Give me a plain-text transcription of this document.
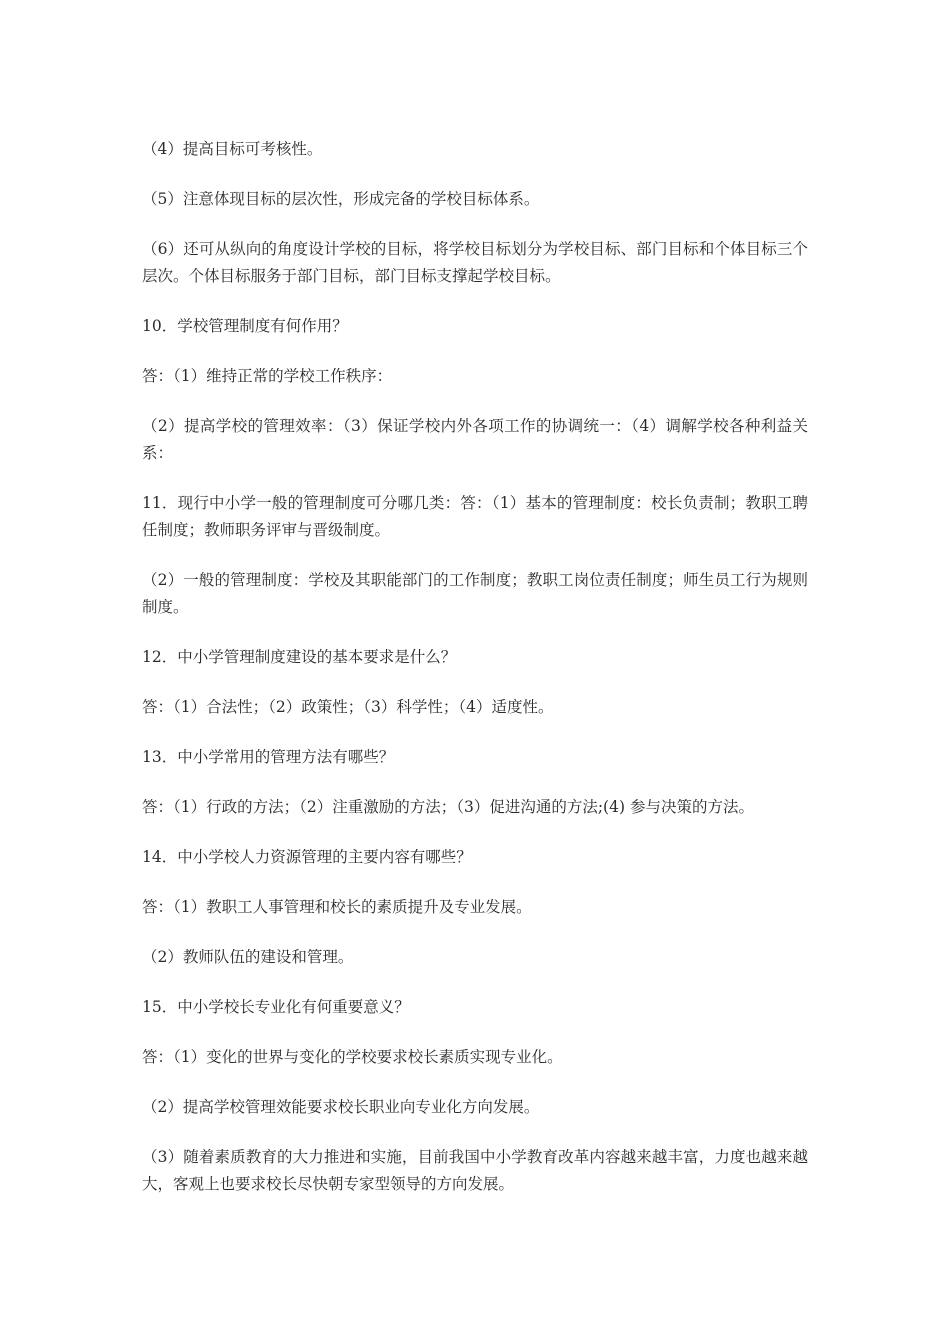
（4）提高目标可考核性。

（5）注意体现目标的层次性，形成完备的学校目标体系。

（6）还可从纵向的角度设计学校的目标，将学校目标划分为学校目标、部门目标和个体目标三个层次。个体目标服务于部门目标，部门目标支撑起学校目标。

10．学校管理制度有何作用？

答：（1）维持正常的学校工作秩序：

（2）提高学校的管理效率：（3）保证学校内外各项工作的协调统一：（4）调解学校各种利益关系：

11．现行中小学一般的管理制度可分哪几类：答：（1）基本的管理制度：校长负责制；教职工聘任制度；教师职务评审与晋级制度。

（2）一般的管理制度：学校及其职能部门的工作制度；教职工岗位责任制度；师生员工行为规则制度。

12．中小学管理制度建设的基本要求是什么？

答：（1）合法性；（2）政策性；（3）科学性；（4）适度性。

13．中小学常用的管理方法有哪些？

答：（1）行政的方法；（2）注重激励的方法；（3）促进沟通的方法;(4) 参与决策的方法。

14．中小学校人力资源管理的主要内容有哪些？

答：（1）教职工人事管理和校长的素质提升及专业发展。

（2）教师队伍的建设和管理。

15．中小学校长专业化有何重要意义？

答：（1）变化的世界与变化的学校要求校长素质实现专业化。

（2）提高学校管理效能要求校长职业向专业化方向发展。

（3）随着素质教育的大力推进和实施，目前我国中小学教育改革内容越来越丰富，力度也越来越大，客观上也要求校长尽快朝专家型领导的方向发展。
